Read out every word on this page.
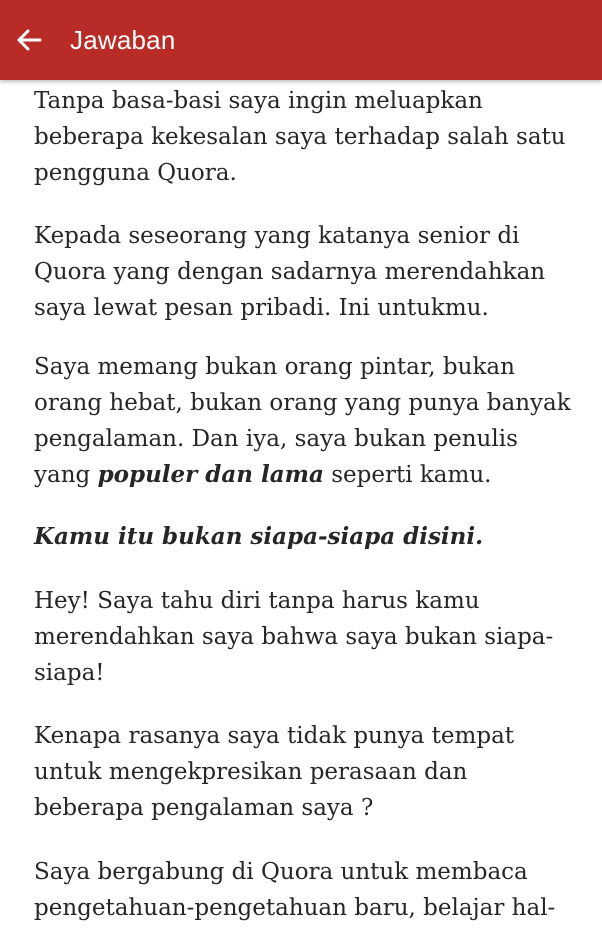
Jawaban

Tanpa basa-basi saya ingin meluapkan
beberapa kekesalan saya terhadap salah satu
pengguna Quora.

Kepada seseorang yang katanya senior di
Quora yang dengan sadarnya merendahkan
saya lewat pesan pribadi. Ini untukmu.

Saya memang bukan orang pintar, bukan
orang hebat, bukan orang yang punya banyak
pengalaman. Dan iya, saya bukan penulis
yang populer dan lama seperti kamu.

Kamu itu bukan siapa-siapa disini.

Hey! Saya tahu diri tanpa harus kamu
merendahkan saya bahwa saya bukan siapa-
siapa!

Kenapa rasanya saya tidak punya tempat
untuk mengekpresikan perasaan dan
beberapa pengalaman saya ?

Saya bergabung di Quora untuk membaca
pengetahuan-pengetahuan baru, belajar hal-
